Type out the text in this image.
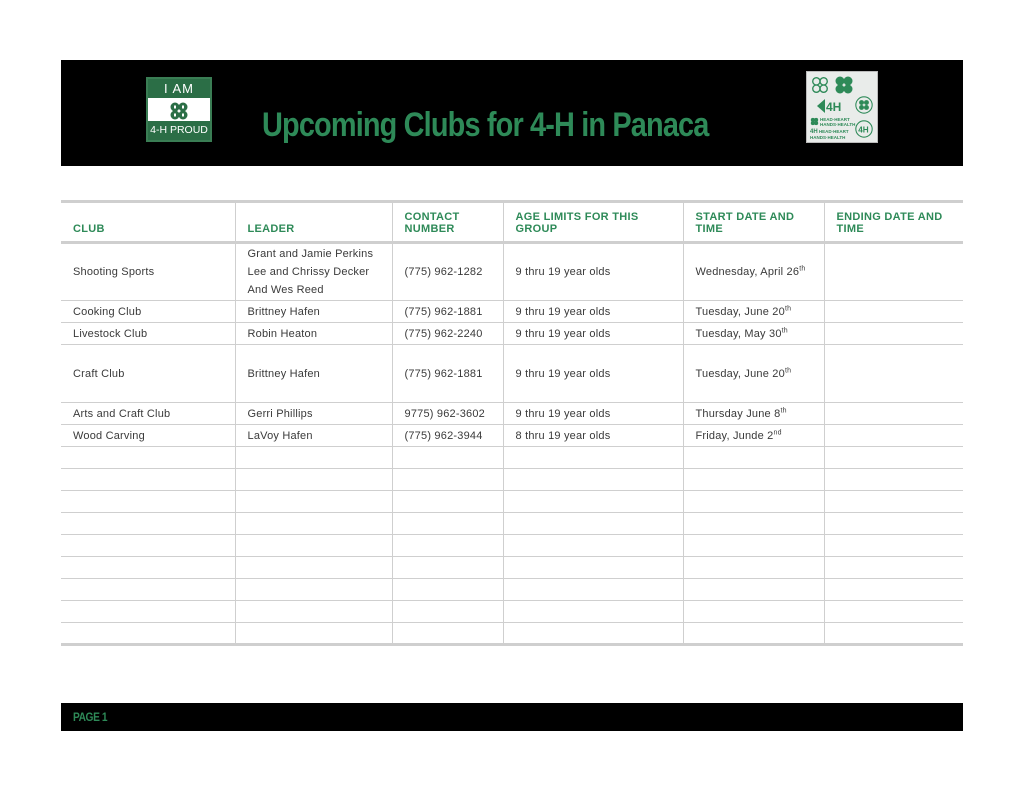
I AM
4-H PROUD Upcoming Clubs for 4-H in Panaca	4H
HEAD·HEART
HANDS·HEALTH
4H HEAD·HEART
HANDS·HEALTH
4H
CLUB	LEADER	CONTACT NUMBER	AGE LIMITS FOR THIS GROUP	START DATE AND TIME	ENDING DATE AND TIME
Shooting Sports	Grant and Jamie Perkins
Lee and Chrissy Decker
And Wes Reed	(775) 962-1282	9 thru 19 year olds	Wednesday, April 26th	
Cooking Club	Brittney Hafen	(775) 962-1881	9 thru 19 year olds	Tuesday, June 20th	
Livestock Club	Robin Heaton	(775) 962-2240	9 thru 19 year olds	Tuesday, May 30th	
Craft Club	Brittney Hafen	(775) 962-1881	9 thru 19 year olds	Tuesday, June 20th	
Arts and Craft Club	Gerri Phillips	9775) 962-3602	9 thru 19 year olds	Thursday June 8th	
Wood Carving	LaVoy Hafen	(775) 962-3944	8 thru 19 year olds	Friday, Junde 2nd	

PAGE 1
